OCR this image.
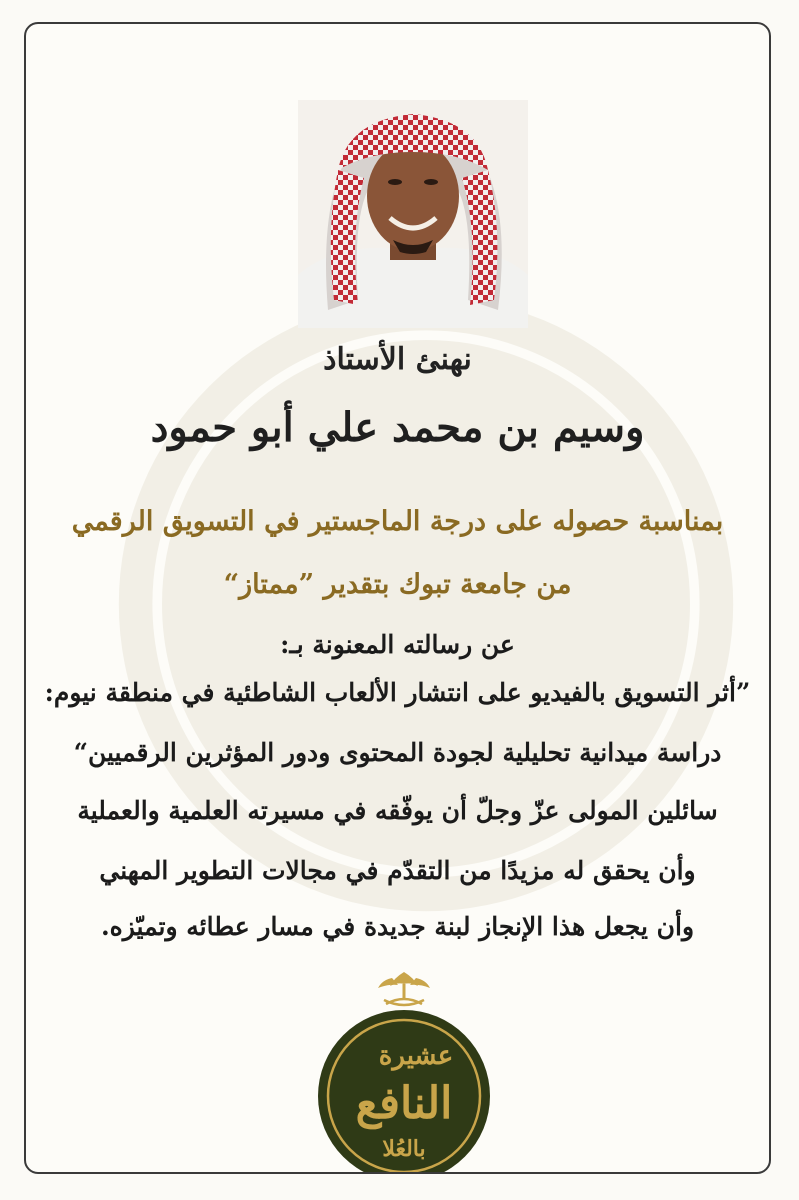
نهنئ الأستاذ

وسيم بن محمد علي أبو حمود

بمناسبة حصوله على درجة الماجستير في التسويق الرقمي

من جامعة تبوك بتقدير ”ممتاز“

عن رسالته المعنونة بـ:

”أثر التسويق بالفيديو على انتشار الألعاب الشاطئية في منطقة نيوم:

دراسة ميدانية تحليلية لجودة المحتوى ودور المؤثرين الرقميين“

سائلين المولى عزّ وجلّ أن يوفّقه في مسيرته العلمية والعملية

وأن يحقق له مزيدًا من التقدّم في مجالات التطوير المهني

وأن يجعل هذا الإنجاز لبنة جديدة في مسار عطائه وتميّزه.

عشيرة
النافع
بالعُلا
